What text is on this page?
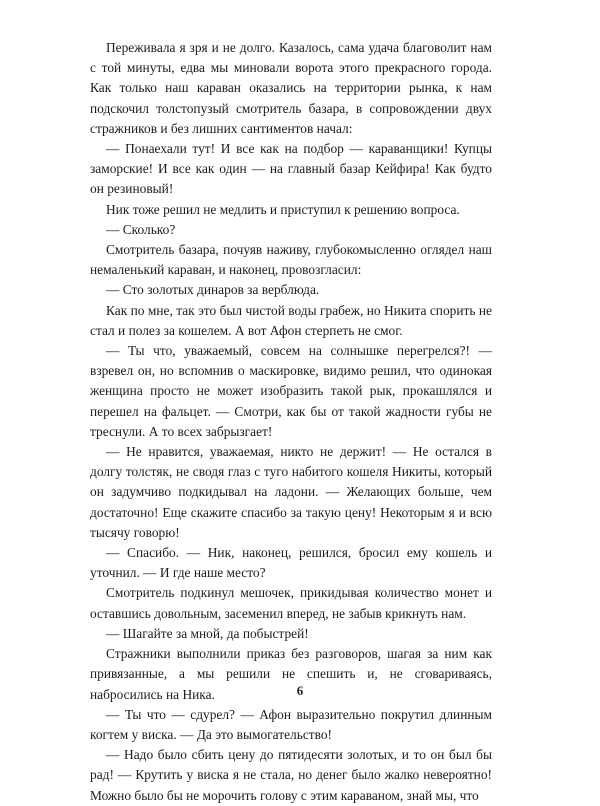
Переживала я зря и не долго. Казалось, сама удача благоволит нам с той минуты, едва мы миновали ворота этого прекрасного города. Как только наш караван оказались на территории рынка, к нам подскочил толстопузый смотритель базара, в сопровождении двух стражников и без лишних сантиментов начал:

— Понаехали тут! И все как на подбор — караванщики! Купцы заморские! И все как один — на главный базар Кейфира! Как будто он резиновый!

Ник тоже решил не медлить и приступил к решению вопроса.

— Сколько?

Смотритель базара, почуяв наживу, глубокомысленно оглядел наш немаленький караван, и наконец, провозгласил:

— Сто золотых динаров за верблюда.

Как по мне, так это был чистой воды грабеж, но Никита спорить не стал и полез за кошелем. А вот Афон стерпеть не смог.

— Ты что, уважаемый, совсем на солнышке перегрелся?! — взревел он, но вспомнив о маскировке, видимо решил, что одинокая женщина просто не может изобразить такой рык, прокашлялся и перешел на фальцет. — Смотри, как бы от такой жадности губы не треснули. А то всех забрызгает!

— Не нравится, уважаемая, никто не держит! — Не остался в долгу толстяк, не сводя глаз с туго набитого кошеля Никиты, который он задумчиво подкидывал на ладони. — Желающих больше, чем достаточно! Еще скажите спасибо за такую цену! Некоторым я и всю тысячу говорю!

— Спасибо. — Ник, наконец, решился, бросил ему кошель и уточнил. — И где наше место?

Смотритель подкинул мешочек, прикидывая количество монет и оставшись довольным, засеменил вперед, не забыв крикнуть нам.

— Шагайте за мной, да побыстрей!

Стражники выполнили приказ без разговоров, шагая за ним как привязанные, а мы решили не спешить и, не сговариваясь, набросились на Ника.

— Ты что — сдурел? — Афон выразительно покрутил длинным когтем у виска. — Да это вымогательство!

— Надо было сбить цену до пятидесяти золотых, и то он был бы рад! — Крутить у виска я не стала, но денег было жалко невероятно! Можно было бы не морочить голову с этим караваном, знай мы, что

6
